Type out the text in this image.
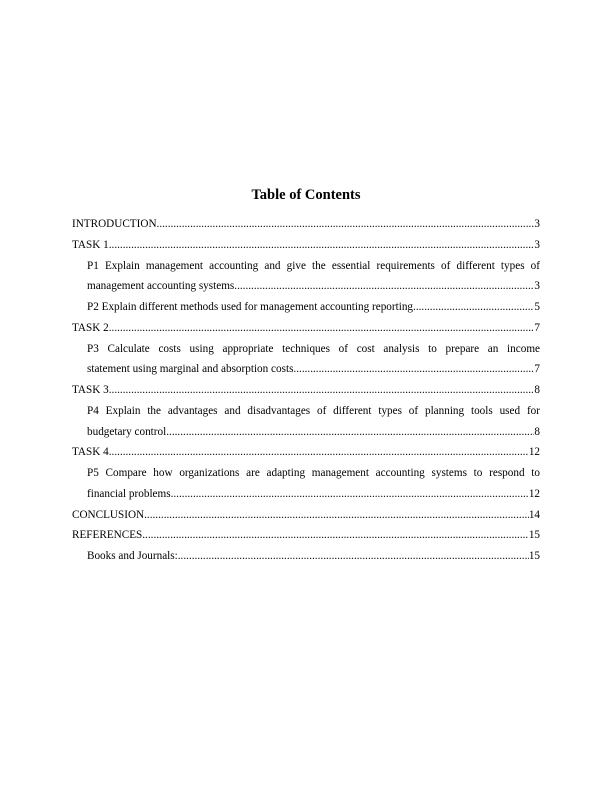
Table of Contents
INTRODUCTION .....	3
TASK 1 .....	3
P1 Explain management accounting and give the essential requirements of different types of
management accounting systems .....	3
P2 Explain different methods used for management accounting reporting .....	5
TASK 2 .....	7
P3 Calculate costs using appropriate techniques of cost analysis to prepare an income
statement using marginal and absorption costs .....	7
TASK 3 .....	8
P4 Explain the advantages and disadvantages of different types of planning tools used for
budgetary control .....	8
TASK 4 .....	12
P5 Compare how organizations are adapting management accounting systems to respond to
financial problems .....	12
CONCLUSION .....	14
REFERENCES .....	15
Books and Journals: .....	15
